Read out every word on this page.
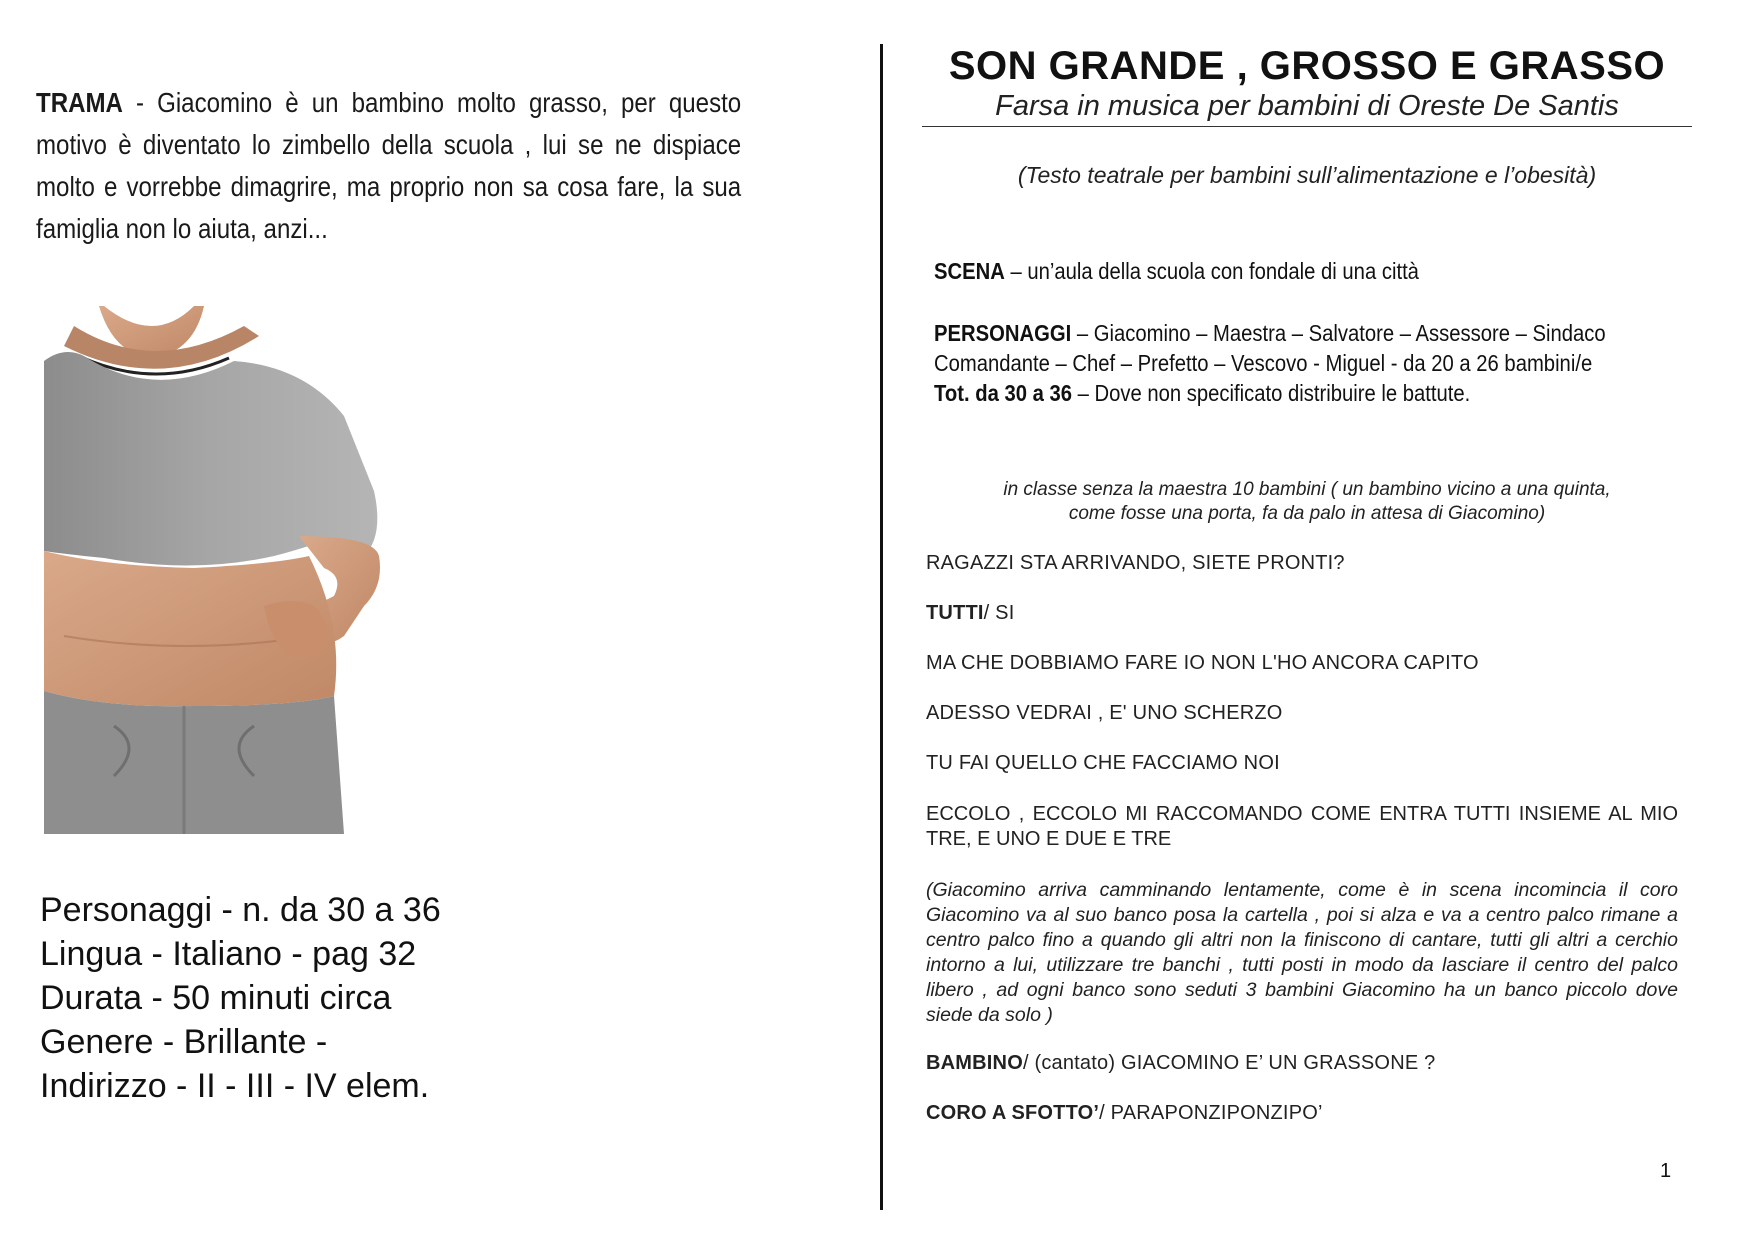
TRAMA - Giacomino è un bambino molto grasso, per questo motivo è diventato lo zimbello della scuola , lui se ne dispiace molto e vorrebbe dimagrire, ma proprio non sa cosa fare, la sua famiglia non lo aiuta, anzi...
Personaggi - n. da 30 a 36
Lingua - Italiano - pag 32
Durata - 50 minuti circa
Genere - Brillante -
Indirizzo - II - III - IV elem.
SON GRANDE , GROSSO E GRASSO
Farsa in musica per bambini di Oreste De Santis
(Testo teatrale per bambini sull’alimentazione e l’obesità)
SCENA – un’aula della scuola con fondale di una città
PERSONAGGI – Giacomino – Maestra – Salvatore – Assessore – Sindaco
Comandante – Chef – Prefetto – Vescovo - Miguel - da 20 a 26 bambini/e
Tot. da 30 a 36 – Dove non specificato distribuire le battute.
in classe senza la maestra 10 bambini ( un bambino vicino a una quinta,
come fosse una porta, fa da palo in attesa di Giacomino)
RAGAZZI STA ARRIVANDO, SIETE PRONTI?
TUTTI/ SI
MA CHE DOBBIAMO FARE IO NON L'HO ANCORA CAPITO
ADESSO VEDRAI , E' UNO SCHERZO
TU FAI QUELLO CHE FACCIAMO NOI
ECCOLO , ECCOLO MI RACCOMANDO COME ENTRA TUTTI INSIEME AL MIO TRE, E UNO E DUE E TRE
(Giacomino arriva camminando lentamente, come è in scena incomincia il coro Giacomino va al suo banco posa la cartella , poi si alza e va a centro palco rimane a centro palco fino a quando gli altri non la finiscono di cantare, tutti gli altri a cerchio intorno a lui, utilizzare tre banchi , tutti posti in modo da lasciare il centro del palco libero , ad ogni banco sono seduti 3 bambini Giacomino ha un banco piccolo dove siede da solo )
BAMBINO/ (cantato) GIACOMINO E’ UN GRASSONE ?
CORO A SFOTTO’/ PARAPONZIPONZIPO’
1
